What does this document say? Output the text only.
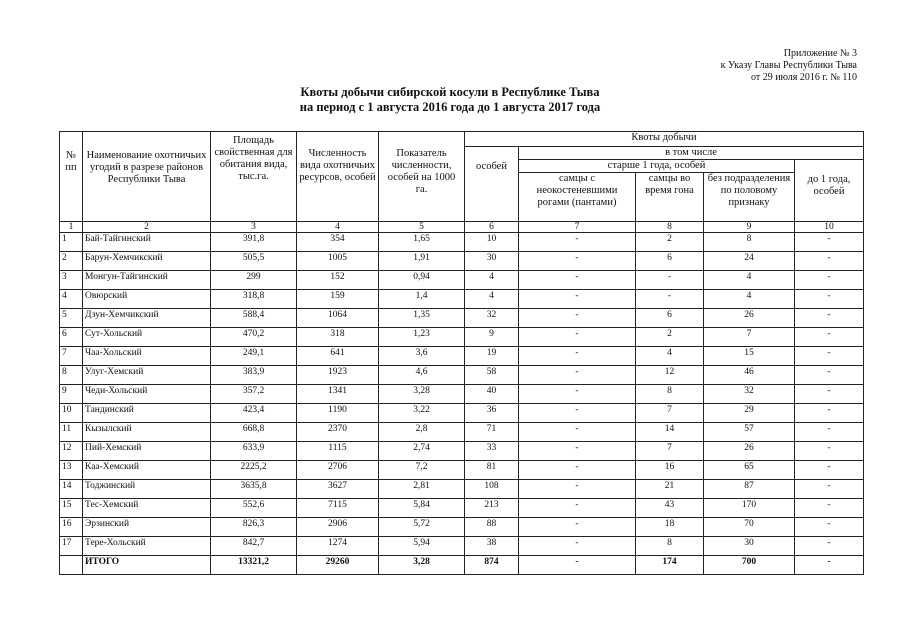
Приложение № 3
к Указу Главы Республики Тыва
от 29 июля 2016 г. № 110
Квоты добычи сибирской косули в Республике Тыва
на период с 1 августа 2016 года до 1 августа 2017 года
№ пп	Наименование охотничьих угодий в разрезе районов Республики Тыва	Площадь свойственная для обитания вида, тыс.га.	Численность вида охотничьих ресурсов, особей	Показатель численности, особей на 1000 га.	Квоты добычи				
					особей	в том числе			
						старше 1 года, особей			до 1 года, особей
						самцы с неокостеневшими рогами (пантами)	самцы во время гона	без подразделения по половому признаку	
1	2	3	4	5	6	7	8	9	10
1	Бай-Тайгинский	391,8	354	1,65	10	-	2	8	-
2	Барун-Хемчикский	505,5	1005	1,91	30	-	6	24	-
3	Монгун-Тайгинский	299	152	0,94	4	-	-	4	-
4	Овюрский	318,8	159	1,4	4	-	-	4	-
5	Дзун-Хемчикский	588,4	1064	1,35	32	-	6	26	-
6	Сут-Хольский	470,2	318	1,23	9	-	2	7	-
7	Чаа-Хольский	249,1	641	3,6	19	-	4	15	-
8	Улуг-Хемский	383,9	1923	4,6	58	-	12	46	-
9	Чеди-Хольский	357,2	1341	3,28	40	-	8	32	-
10	Тандинский	423,4	1190	3,22	36	-	7	29	-
11	Кызылский	668,8	2370	2,8	71	-	14	57	-
12	Пий-Хемский	633,9	1115	2,74	33	-	7	26	-
13	Каа-Хемский	2225,2	2706	7,2	81	-	16	65	-
14	Тоджинский	3635,8	3627	2,81	108	-	21	87	-
15	Тес-Хемский	552,6	7115	5,84	213	-	43	170	-
16	Эрзинский	826,3	2906	5,72	88	-	18	70	-
17	Тере-Хольский	842,7	1274	5,94	38	-	8	30	-
	ИТОГО	13321,2	29260	3,28	874	-	174	700	-
